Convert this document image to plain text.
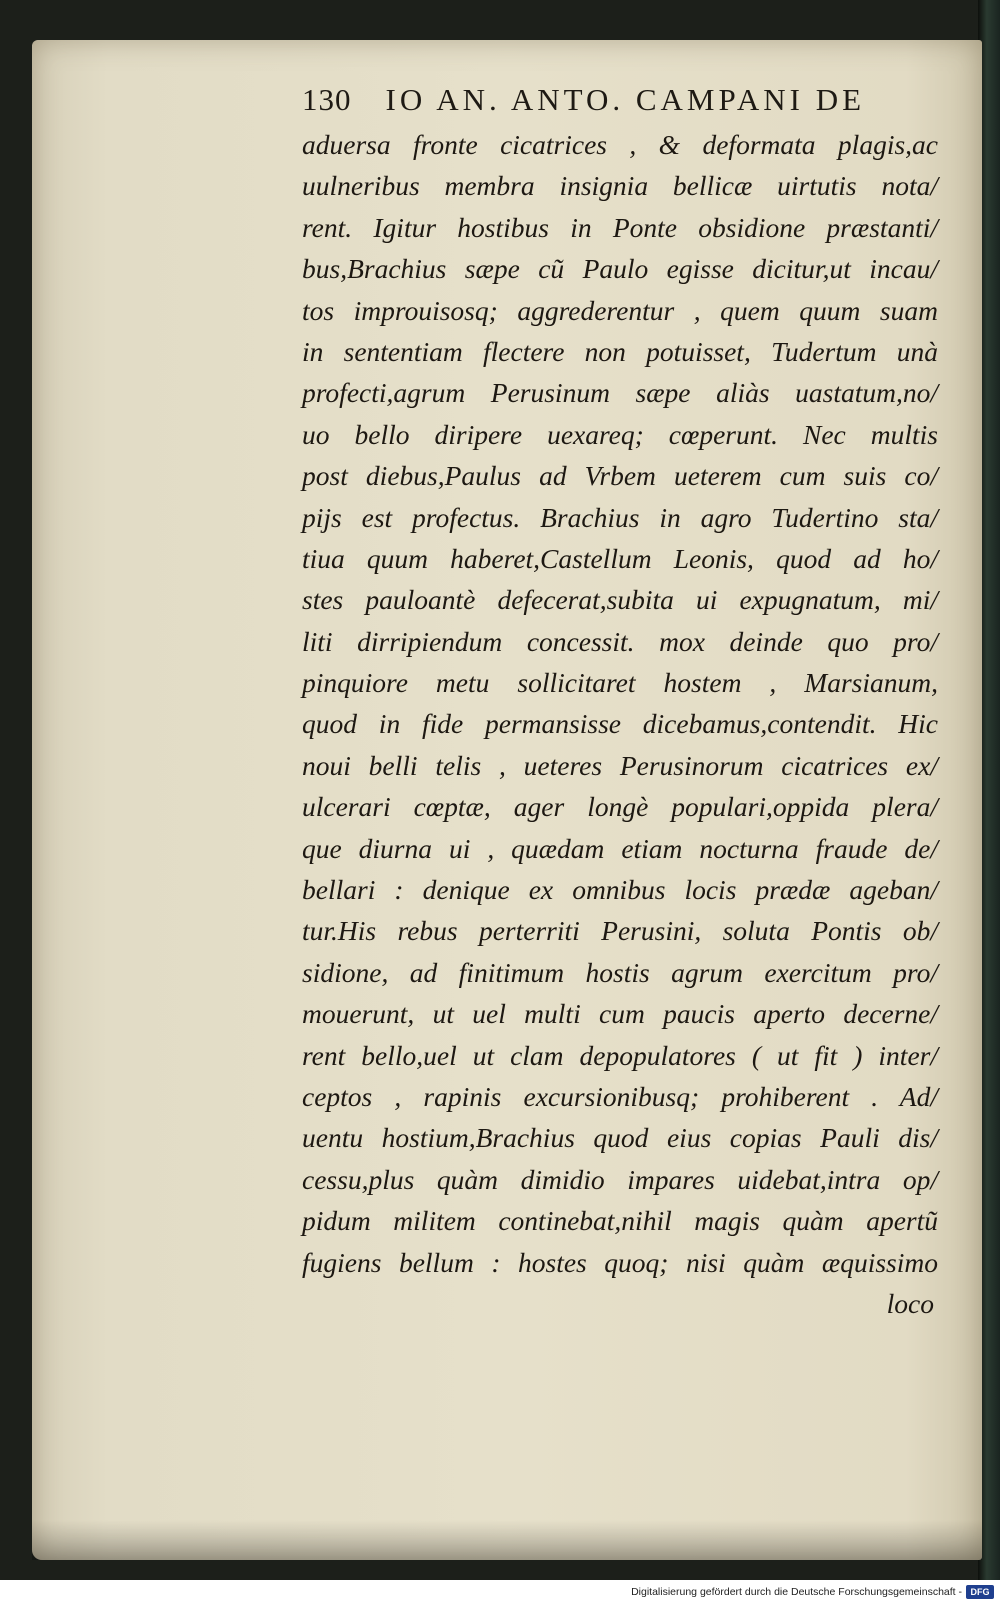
130 IO AN. ANTO. CAMPANI DE
aduersa fronte cicatrices , & deformata plagis,ac
uulneribus membra insignia bellicæ uirtutis nota/
rent. Igitur hostibus in Ponte obsidione præstanti/
bus,Brachius sæpe cũ Paulo egisse dicitur,ut incau/
tos improuisosq; aggrederentur , quem quum suam
in sententiam flectere non potuisset, Tudertum unà
profecti,agrum Perusinum sæpe aliàs uastatum,no/
uo bello diripere uexareq; cœperunt. Nec multis
post diebus,Paulus ad Vrbem ueterem cum suis co/
pijs est profectus. Brachius in agro Tudertino sta/
tiua quum haberet,Castellum Leonis, quod ad ho/
stes pauloantè defecerat,subita ui expugnatum, mi/
liti dirripiendum concessit. mox deinde quo pro/
pinquiore metu sollicitaret hostem , Marsianum,
quod in fide permansisse dicebamus,contendit. Hic
noui belli telis , ueteres Perusinorum cicatrices ex/
ulcerari cœptæ, ager longè populari,oppida plera/
que diurna ui , quædam etiam nocturna fraude de/
bellari : denique ex omnibus locis prædæ ageban/
tur.His rebus perterriti Perusini, soluta Pontis ob/
sidione, ad finitimum hostis agrum exercitum pro/
mouerunt, ut uel multi cum paucis aperto decerne/
rent bello,uel ut clam depopulatores ( ut fit ) inter/
ceptos , rapinis excursionibusq; prohiberent . Ad/
uentu hostium,Brachius quod eius copias Pauli dis/
cessu,plus quàm dimidio impares uidebat,intra op/
pidum militem continebat,nihil magis quàm apertũ
fugiens bellum : hostes quoq; nisi quàm æquissimo
loco
Digitalisierung gefördert durch die Deutsche Forschungsgemeinschaft - DFG
